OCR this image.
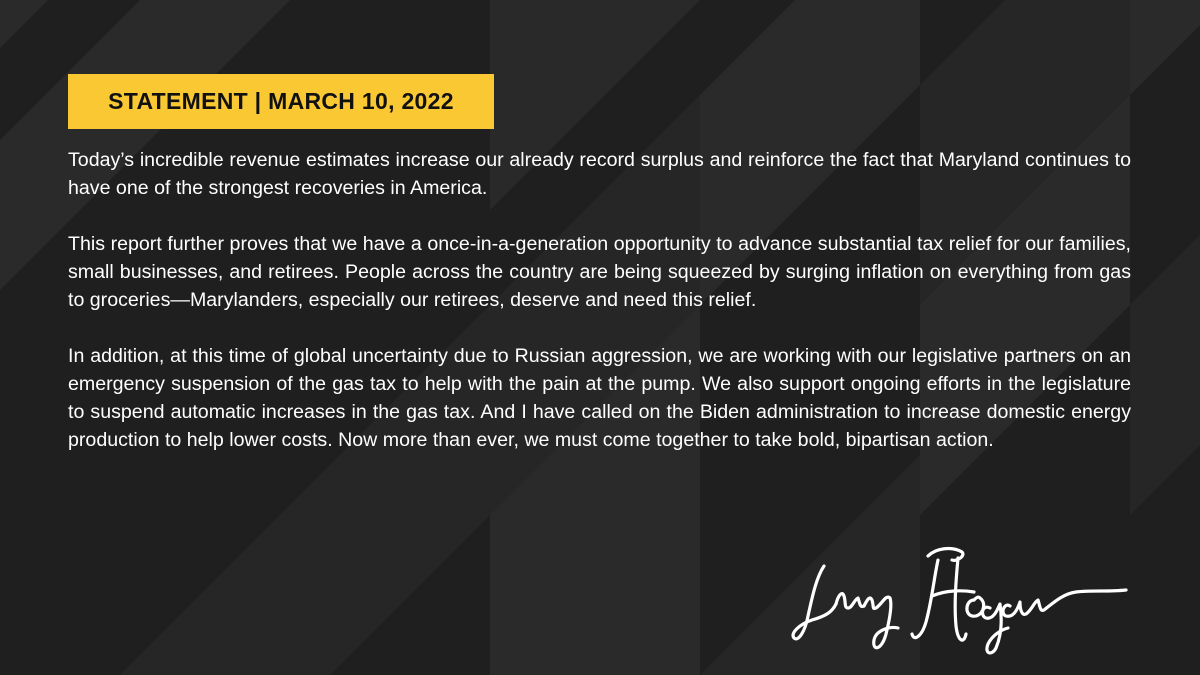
STATEMENT | MARCH 10, 2022

Today’s incredible revenue estimates increase our already record surplus and reinforce the fact that Maryland continues to have one of the strongest recoveries in America.

This report further proves that we have a once-in-a-generation opportunity to advance substantial tax relief for our families, small businesses, and retirees. People across the country are being squeezed by surging inflation on everything from gas to groceries—Marylanders, especially our retirees, deserve and need this relief.

In addition, at this time of global uncertainty due to Russian aggression, we are working with our legislative partners on an emergency suspension of the gas tax to help with the pain at the pump. We also support ongoing efforts in the legislature to suspend automatic increases in the gas tax. And I have called on the Biden administration to increase domestic energy production to help lower costs. Now more than ever, we must come together to take bold, bipartisan action.
